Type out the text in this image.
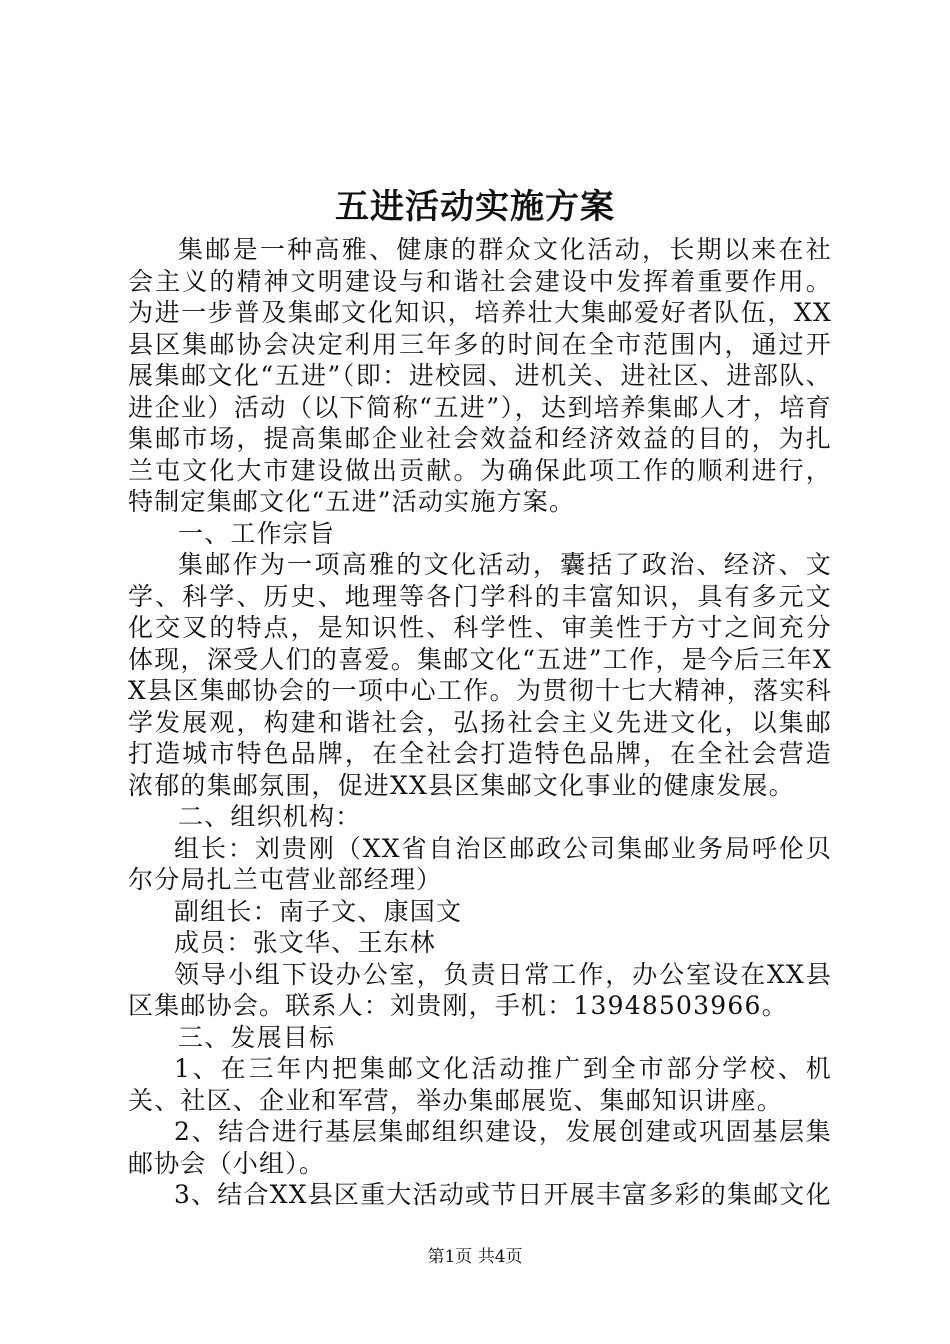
五进活动实施方案

集邮是一种高雅、健康的群众文化活动，长期以来在社会主义的精神文明建设与和谐社会建设中发挥着重要作用。为进一步普及集邮文化知识，培养壮大集邮爱好者队伍，XX县区集邮协会决定利用三年多的时间在全市范围内，通过开展集邮文化“五进”（即：进校园、进机关、进社区、进部队、进企业）活动（以下简称“五进”），达到培养集邮人才，培育集邮市场，提高集邮企业社会效益和经济效益的目的，为扎兰屯文化大市建设做出贡献。为确保此项工作的顺利进行，特制定集邮文化“五进”活动实施方案。

一、工作宗旨

集邮作为一项高雅的文化活动，囊括了政治、经济、文学、科学、历史、地理等各门学科的丰富知识，具有多元文化交叉的特点，是知识性、科学性、审美性于方寸之间充分体现，深受人们的喜爱。集邮文化“五进”工作，是今后三年XX县区集邮协会的一项中心工作。为贯彻十七大精神，落实科学发展观，构建和谐社会，弘扬社会主义先进文化，以集邮打造城市特色品牌，在全社会打造特色品牌，在全社会营造浓郁的集邮氛围，促进XX县区集邮文化事业的健康发展。

二、组织机构：

组长：刘贵刚（XX省自治区邮政公司集邮业务局呼伦贝尔分局扎兰屯营业部经理）

副组长：南子文、康国文

成员：张文华、王东林

领导小组下设办公室，负责日常工作，办公室设在XX县区集邮协会。联系人：刘贵刚，手机：13948503966。

三、发展目标

1、在三年内把集邮文化活动推广到全市部分学校、机关、社区、企业和军营，举办集邮展览、集邮知识讲座。

2、结合进行基层集邮组织建设，发展创建或巩固基层集邮协会（小组）。

3、结合XX县区重大活动或节日开展丰富多彩的集邮文化

第1页 共4页
